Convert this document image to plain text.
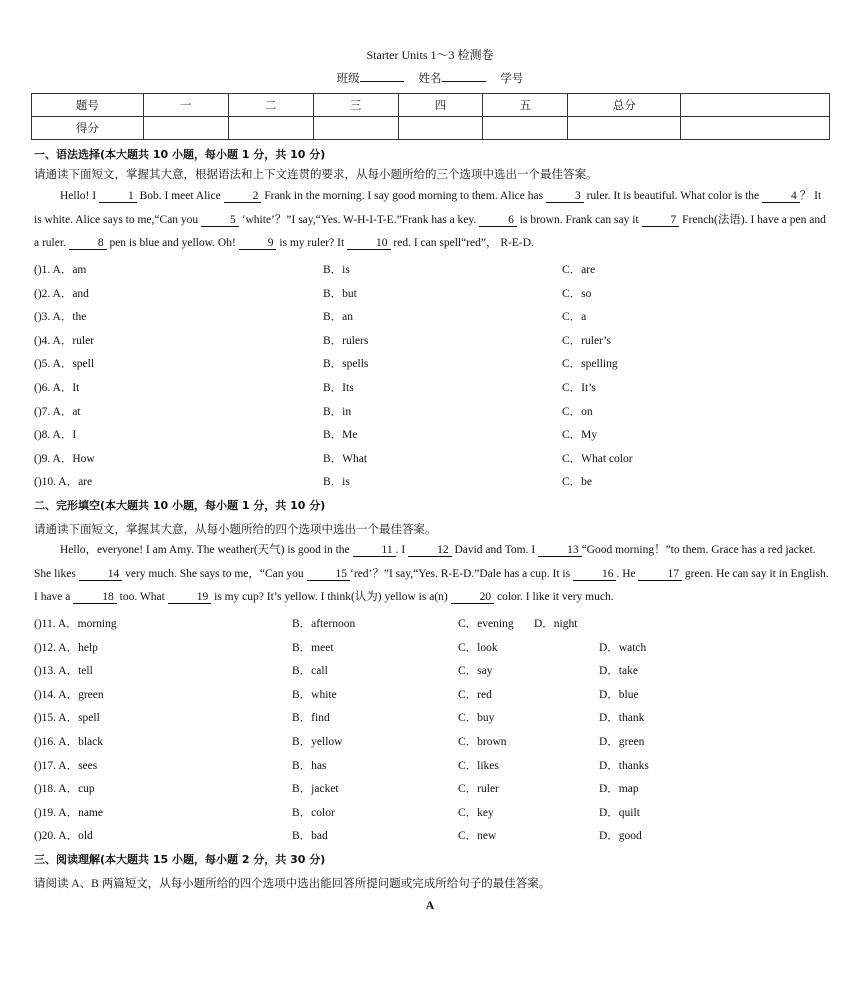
Starter Units 1～3 检测卷
班级	姓名	学号
题号	一	二	三	四	五	总分	
得分							
一、语法选择(本大题共 10 小题，每小题 1 分，共 10 分)
请通读下面短文，掌握其大意，根据语法和上下文连贯的要求，从每小题所给的三个选项中选出一个最佳答案。
Hello! I	1 Bob. I meet Alice	2 Frank in the morning. I say good morning to them. Alice has	3 ruler. It is beautiful. What color is the	4 ？ It is white. Alice says to me,“Can you	5 ‘white’？”I say,“Yes. W-H-I-T-E.”Frank has a key.	6 is brown. Frank can say it	7 French(法语). I have a pen and a ruler.	8 pen is blue and yellow. Oh!	9 is my ruler? It	10 red. I can spell“red”， R-E-D.
()1. A．am	B．is	C．are
()2. A．and	B．but	C．so
()3. A．the	B．an	C．a
()4. A．ruler	B．rulers	C．ruler’s
()5. A．spell	B．spells	C．spelling
()6. A．It	B．Its	C．It’s
()7. A．at	B．in	C．on
()8. A．I	B．Me	C．My
()9. A．How	B．What	C．What color
()10. A．are	B．is	C．be
二、完形填空(本大题共 10 小题，每小题 1 分，共 10 分)
请通读下面短文，掌握其大意，从每小题所给的四个选项中选出一个最佳答案。
Hello，everyone! I am Amy. The weather(天气) is good in the	11 . I	12 David and Tom. I	13 “Good morning！”to them. Grace has a red jacket. She likes	14 very much. She says to me，“Can you	15 ‘red’？”I say,“Yes. R-E-D.”Dale has a cup. It is	16 . He	17 green. He can say it in English. I have a	18 too. What	19 is my cup? It’s yellow. I think(认为) yellow is a(n)	20 color. I like it very much.
()11. A．morning	B．afternoon	C．evening D．night
()12. A．help	B．meet	C．look	D．watch
()13. A．tell	B．call	C．say	D．take
()14. A．green	B．white	C．red	D．blue
()15. A．spell	B．find	C．buy	D．thank
()16. A．black	B．yellow	C．brown	D．green
()17. A．sees	B．has	C．likes	D．thanks
()18. A．cup	B．jacket	C．ruler	D．map
()19. A．name	B．color	C．key	D．quilt
()20. A．old	B．bad	C．new	D．good
三、阅读理解(本大题共 15 小题，每小题 2 分，共 30 分)
请阅读 A、B 两篇短文，从每小题所给的四个选项中选出能回答所提问题或完成所给句子的最佳答案。
A
